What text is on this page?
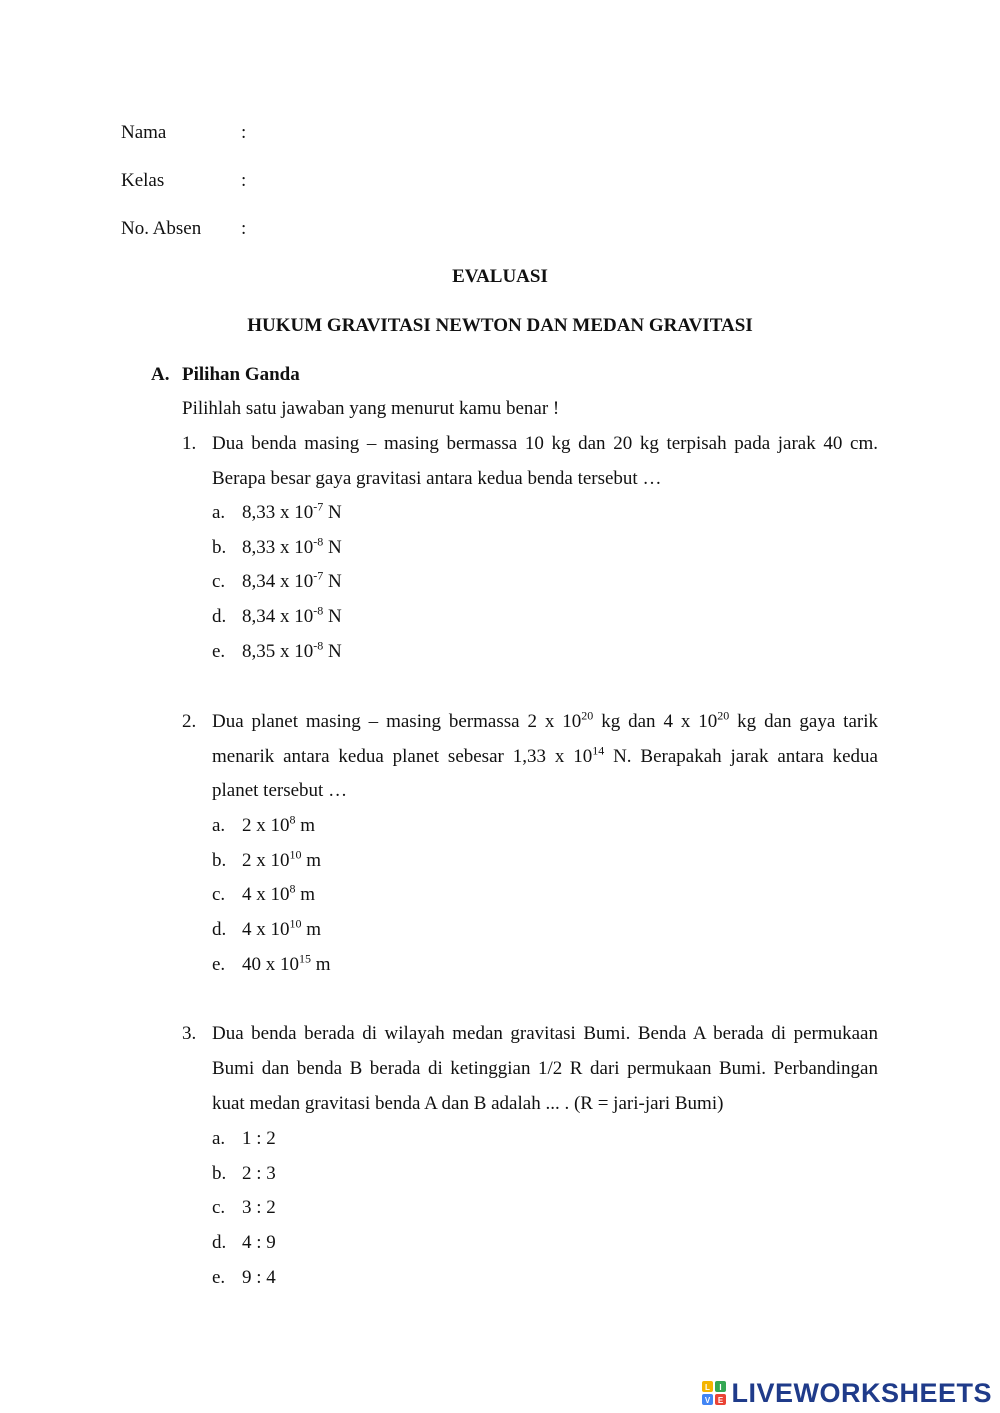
Nama	:
Kelas	:
No. Absen :
EVALUASI
HUKUM GRAVITASI NEWTON DAN MEDAN GRAVITASI
A. Pilihan Ganda
Pilihlah satu jawaban yang menurut kamu benar !
1. Dua benda masing – masing bermassa 10 kg dan 20 kg terpisah pada jarak 40 cm.
Berapa besar gaya gravitasi antara kedua benda tersebut …
a. 8,33 x $10^{-7}$ N
b. 8,33 x $10^{-8}$ N
c. 8,34 x $10^{-7}$ N
d. 8,34 x $10^{-8}$ N
e. 8,35 x $10^{-8}$ N
2. Dua planet masing – masing bermassa 2 x $10^{20}$ kg dan 4 x $10^{20}$ kg dan gaya tarik
menarik antara kedua planet sebesar 1,33 x $10^{14}$ N. Berapakah jarak antara kedua
planet tersebut …
a. 2 x $10^8$ m
b. 2 x $10^{10}$ m
c. 4 x $10^8$ m
d. 4 x $10^{10}$ m
e. 40 x $10^{15}$ m
3. Dua benda berada di wilayah medan gravitasi Bumi. Benda A berada di permukaan
Bumi dan benda B berada di ketinggian 1/2 R dari permukaan Bumi. Perbandingan
kuat medan gravitasi benda A dan B adalah ... . (R = jari-jari Bumi)
a. 1 : 2
b. 2 : 3
c. 3 : 2
d. 4 : 9
e. 9 : 4
L I
V E LIVEWORKSHEETS
